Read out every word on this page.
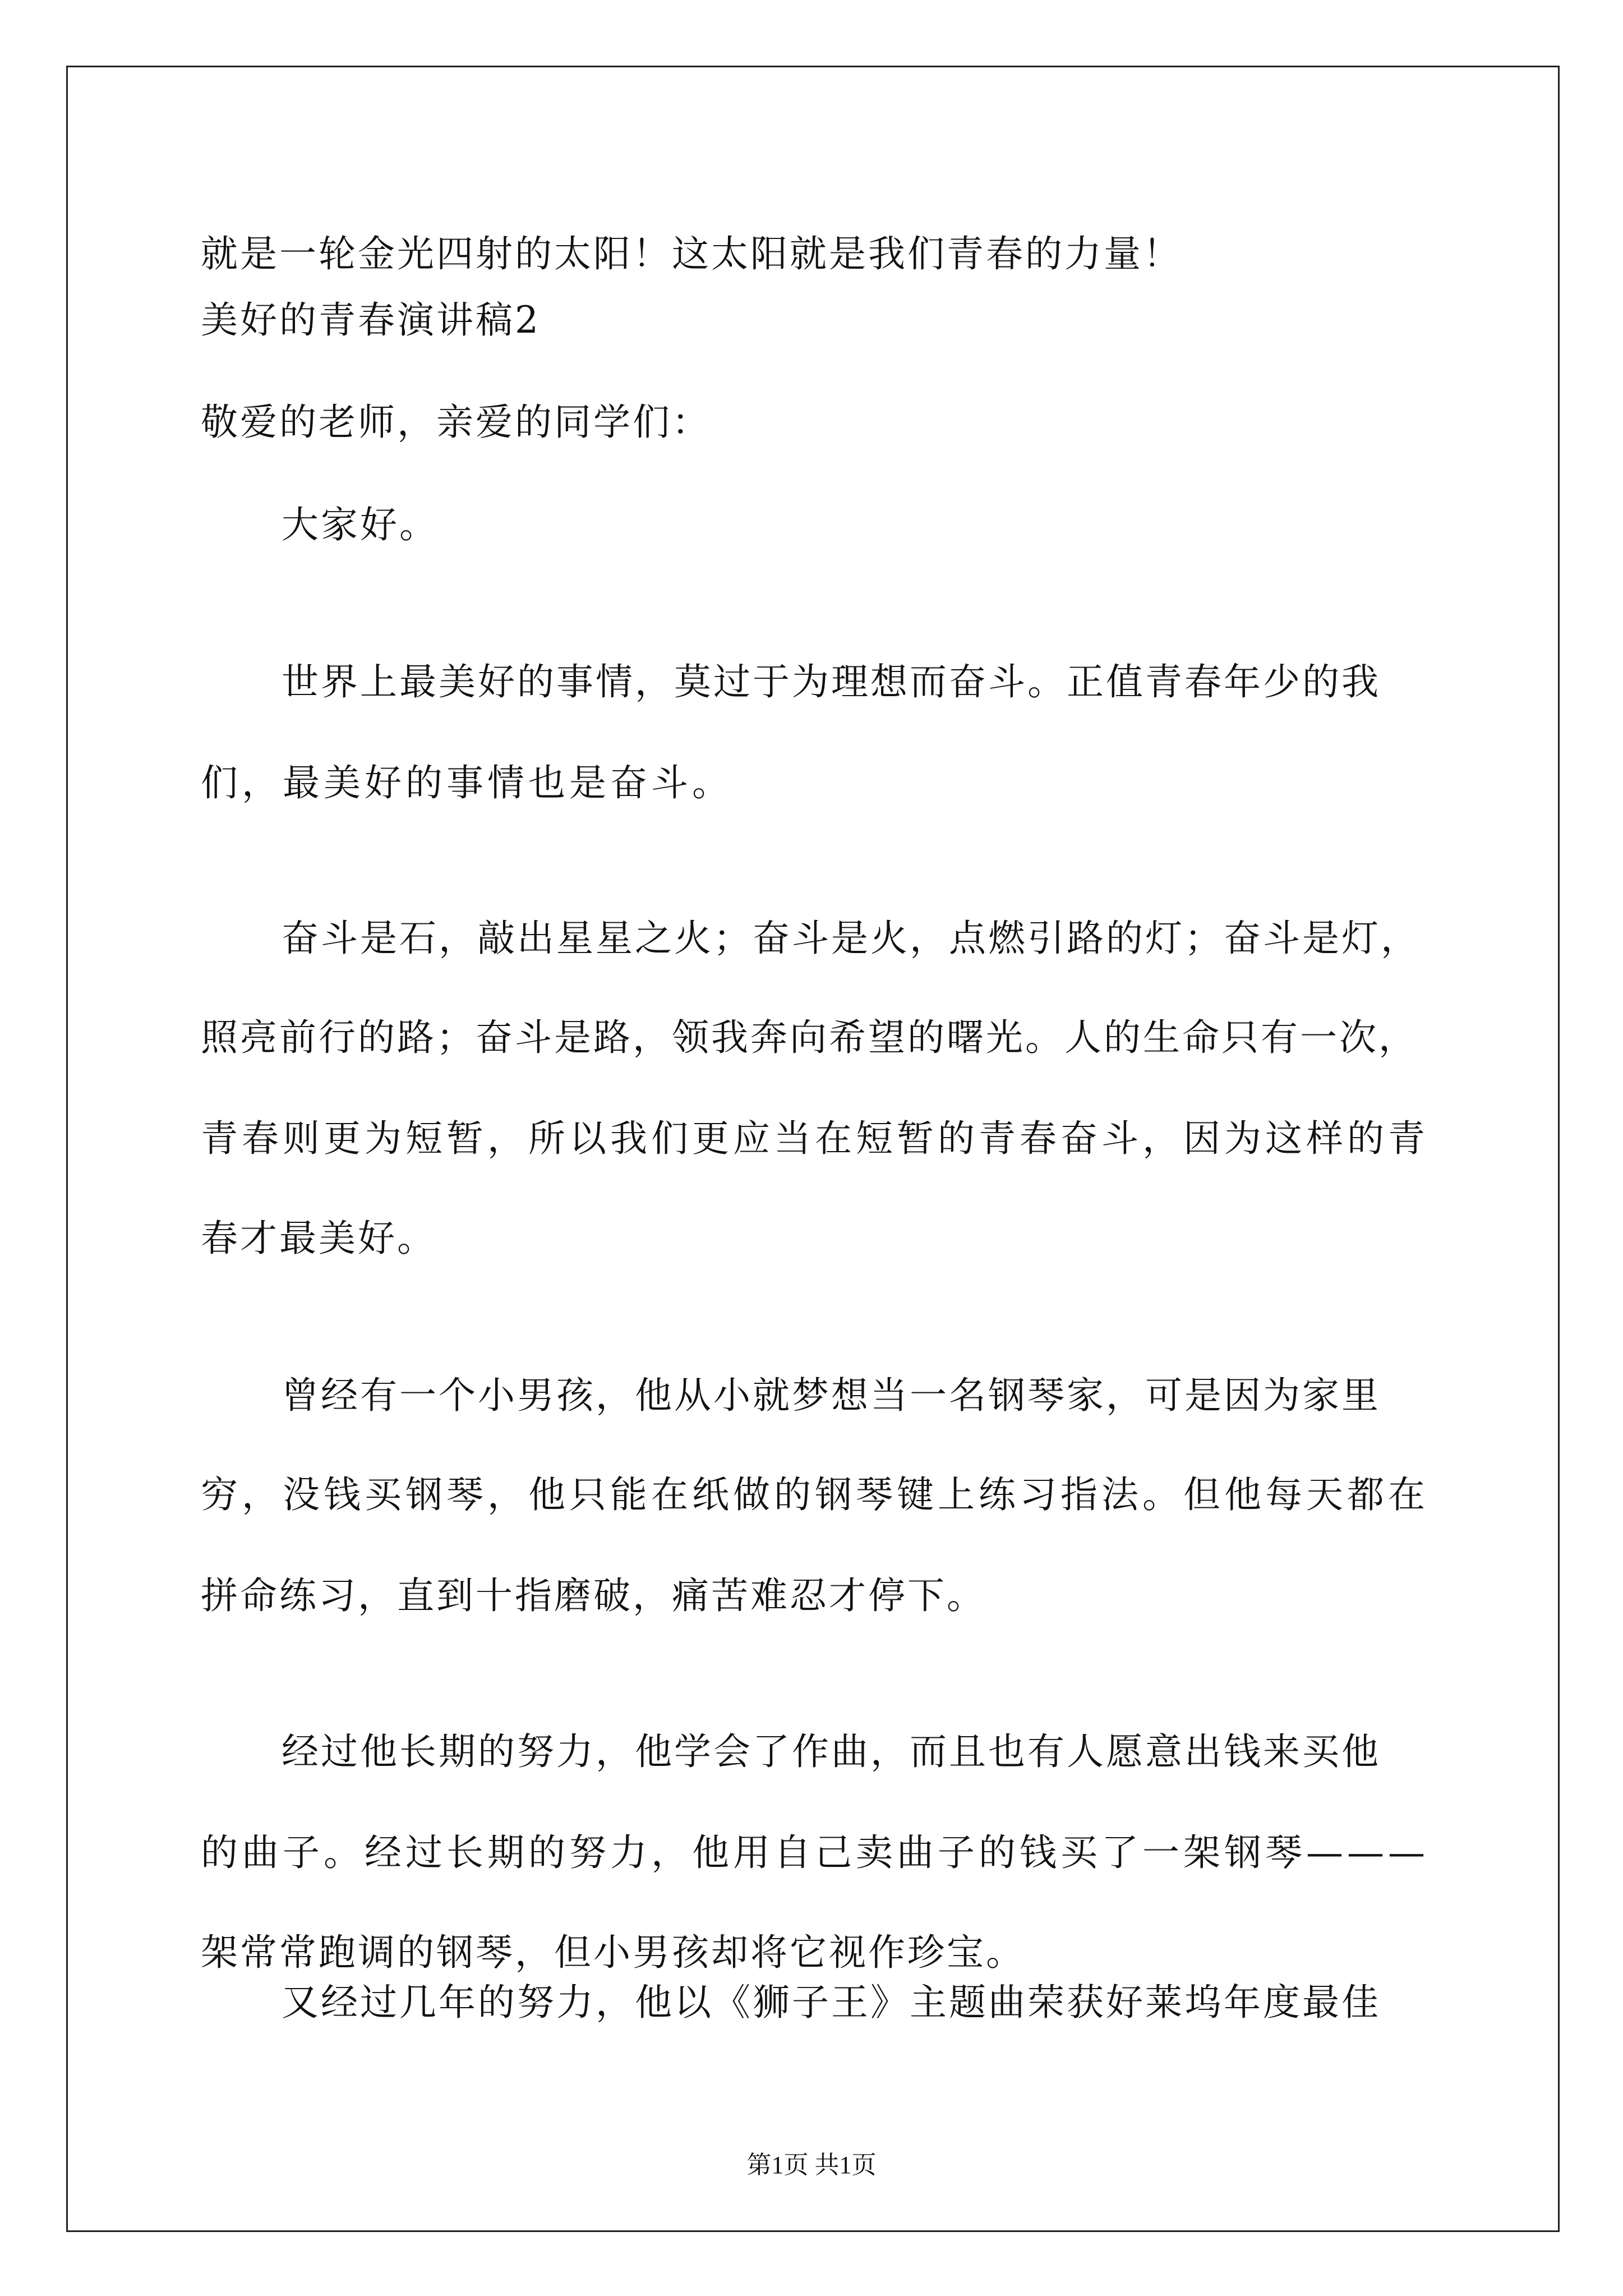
就是一轮金光四射的太阳！这太阳就是我们青春的力量！
美好的青春演讲稿2
敬爱的老师，亲爱的同学们：
大家好。
世界上最美好的事情，莫过于为理想而奋斗。正值青春年少的我
们，最美好的事情也是奋斗。
奋斗是石，敲出星星之火；奋斗是火，点燃引路的灯；奋斗是灯，
照亮前行的路；奋斗是路，领我奔向希望的曙光。人的生命只有一次，
青春则更为短暂，所以我们更应当在短暂的青春奋斗，因为这样的青
春才最美好。
曾经有一个小男孩，他从小就梦想当一名钢琴家，可是因为家里
穷，没钱买钢琴，他只能在纸做的钢琴键上练习指法。但他每天都在
拼命练习，直到十指磨破，痛苦难忍才停下。
经过他长期的努力，他学会了作曲，而且也有人愿意出钱来买他
的曲子。经过长期的努力，他用自己卖曲子的钱买了一架钢琴———
架常常跑调的钢琴，但小男孩却将它视作珍宝。
又经过几年的努力，他以《狮子王》主题曲荣获好莱坞年度最佳
第1页 共1页
